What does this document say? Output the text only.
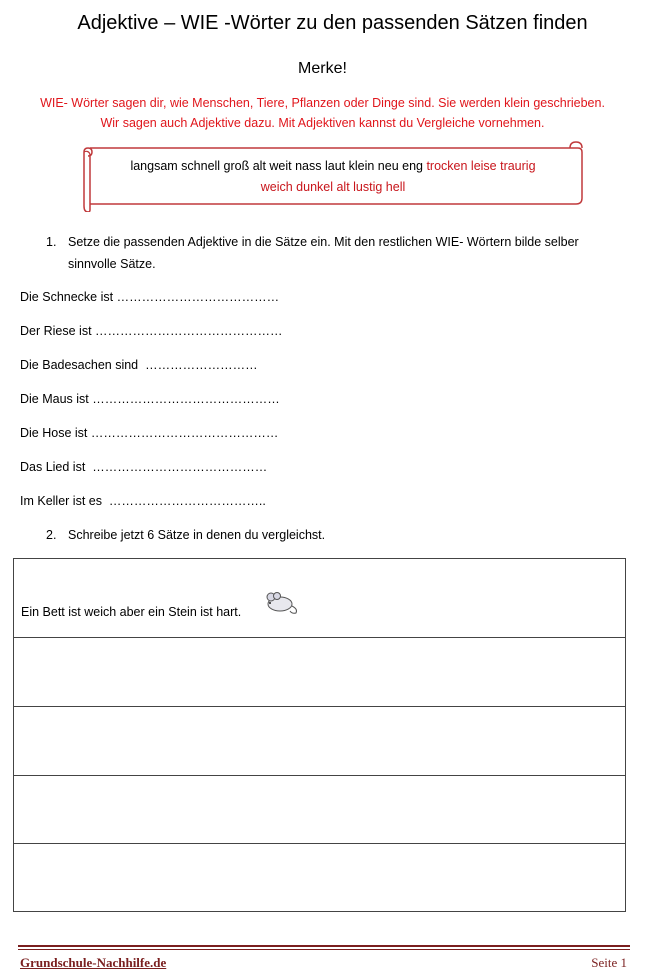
Adjektive – WIE -Wörter zu den passenden Sätzen finden
Merke!
WIE- Wörter sagen dir, wie Menschen, Tiere, Pflanzen oder Dinge sind. Sie werden klein geschrieben.
Wir sagen auch Adjektive dazu. Mit Adjektiven kannst du Vergleiche vornehmen.
langsam schnell groß alt weit nass laut klein neu eng trocken leise traurig
weich dunkel alt lustig hell
1. Setze die passenden Adjektive in die Sätze ein. Mit den restlichen WIE- Wörtern bilde selber
sinnvolle Sätze.
Die Schnecke ist …………………………………
Der Riese ist ………………………………………
Die Badesachen sind  ………………………
Die Maus ist ………………………………………
Die Hose ist ………………………………………
Das Lied ist  ……………………………………
Im Keller ist es  ………………………………..
2. Schreibe jetzt 6 Sätze in denen du vergleichst.
Ein Bett ist weich aber ein Stein ist hart.
Grundschule-Nachhilfe.de	Seite 1
